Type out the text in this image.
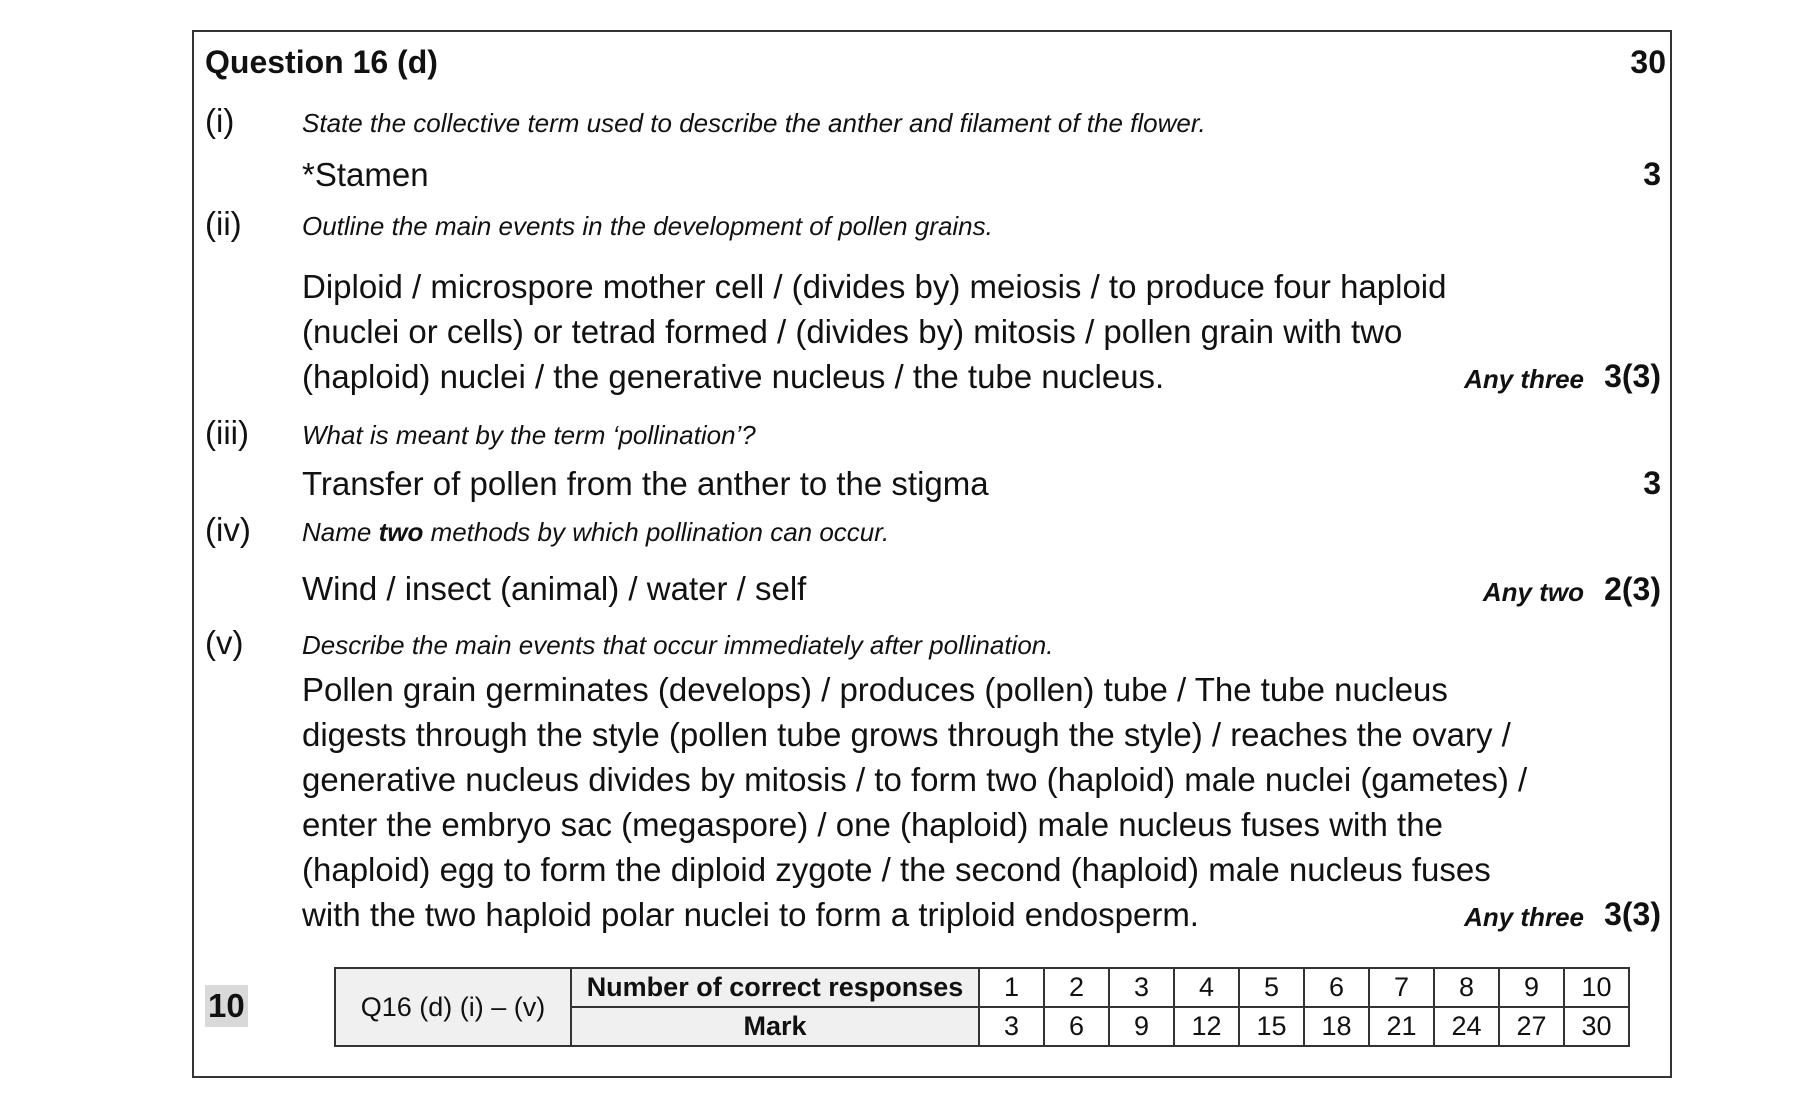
Question 16 (d)	30
(i)	State the collective term used to describe the anther and filament of the flower.
*Stamen	3
(ii) Outline the main events in the development of pollen grains.
Diploid / microspore mother cell / (divides by) meiosis / to produce four haploid
(nuclei or cells) or tetrad formed / (divides by) mitosis / pollen grain with two
(haploid) nuclei / the generative nucleus / the tube nucleus.	Any three 3(3)
(iii) What is meant by the term ‘pollination’?
Transfer of pollen from the anther to the stigma	3
(iv) Name two methods by which pollination can occur.
Wind / insect (animal) / water / self	Any two 2(3)
(v) Describe the main events that occur immediately after pollination.
Pollen grain germinates (develops) / produces (pollen) tube / The tube nucleus
digests through the style (pollen tube grows through the style) / reaches the ovary /
generative nucleus divides by mitosis / to form two (haploid) male nuclei (gametes) /
enter the embryo sac (megaspore) / one (haploid) male nucleus fuses with the
(haploid) egg to form the diploid zygote / the second (haploid) male nucleus fuses
with the two haploid polar nuclei to form a triploid endosperm.	Any three 3(3)
10	Q16 (d) (i) – (v)	Number of correct responses	1	2	3	4	5	6	7	8	9	10
	Mark	3	6	9	12	15	18	21	24	27	30
